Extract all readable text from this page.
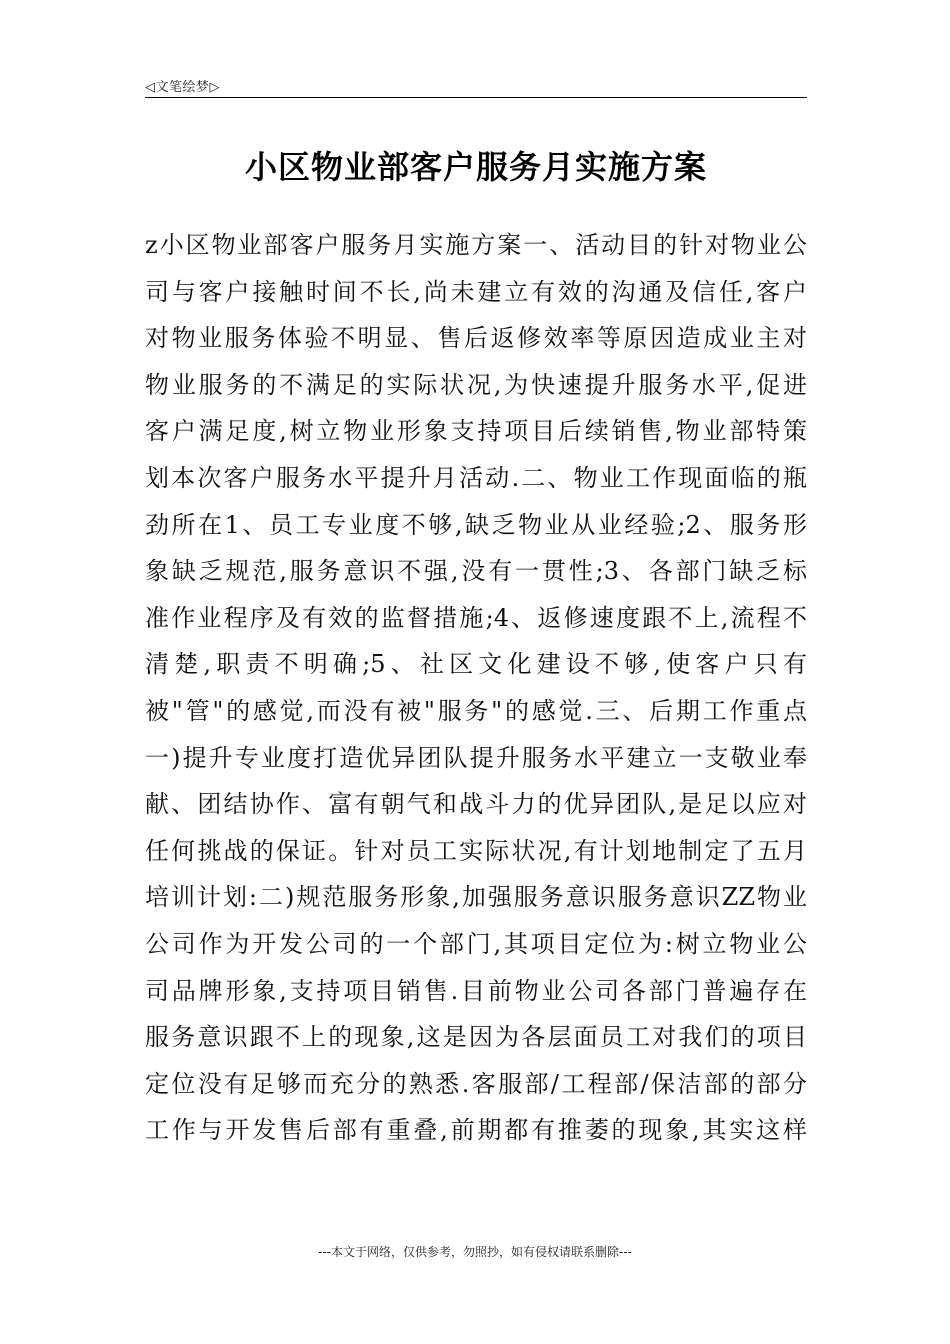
◁文笔绘梦▷
小区物业部客户服务月实施方案
z小区物业部客户服务月实施方案一、活动目的针对物业公
司与客户接触时间不长,尚未建立有效的沟通及信任,客户
对物业服务体验不明显、售后返修效率等原因造成业主对
物业服务的不满足的实际状况,为快速提升服务水平,促进
客户满足度,树立物业形象支持项目后续销售,物业部特策
划本次客户服务水平提升月活动.二、物业工作现面临的瓶
劲所在1、员工专业度不够,缺乏物业从业经验;2、服务形
象缺乏规范,服务意识不强,没有一贯性;3、各部门缺乏标
准作业程序及有效的监督措施;4、返修速度跟不上,流程不
清楚,职责不明确;5、社区文化建设不够,使客户只有
被"管"的感觉,而没有被"服务"的感觉.三、后期工作重点
一)提升专业度打造优异团队提升服务水平建立一支敬业奉
献、团结协作、富有朝气和战斗力的优异团队,是足以应对
任何挑战的保证。针对员工实际状况,有计划地制定了五月
培训计划:二)规范服务形象,加强服务意识服务意识ZZ物业
公司作为开发公司的一个部门,其项目定位为:树立物业公
司品牌形象,支持项目销售.目前物业公司各部门普遍存在
服务意识跟不上的现象,这是因为各层面员工对我们的项目
定位没有足够而充分的熟悉.客服部/工程部/保洁部的部分
工作与开发售后部有重叠,前期都有推萎的现象,其实这样
---本文于网络，仅供参考，勿照抄，如有侵权请联系删除---
